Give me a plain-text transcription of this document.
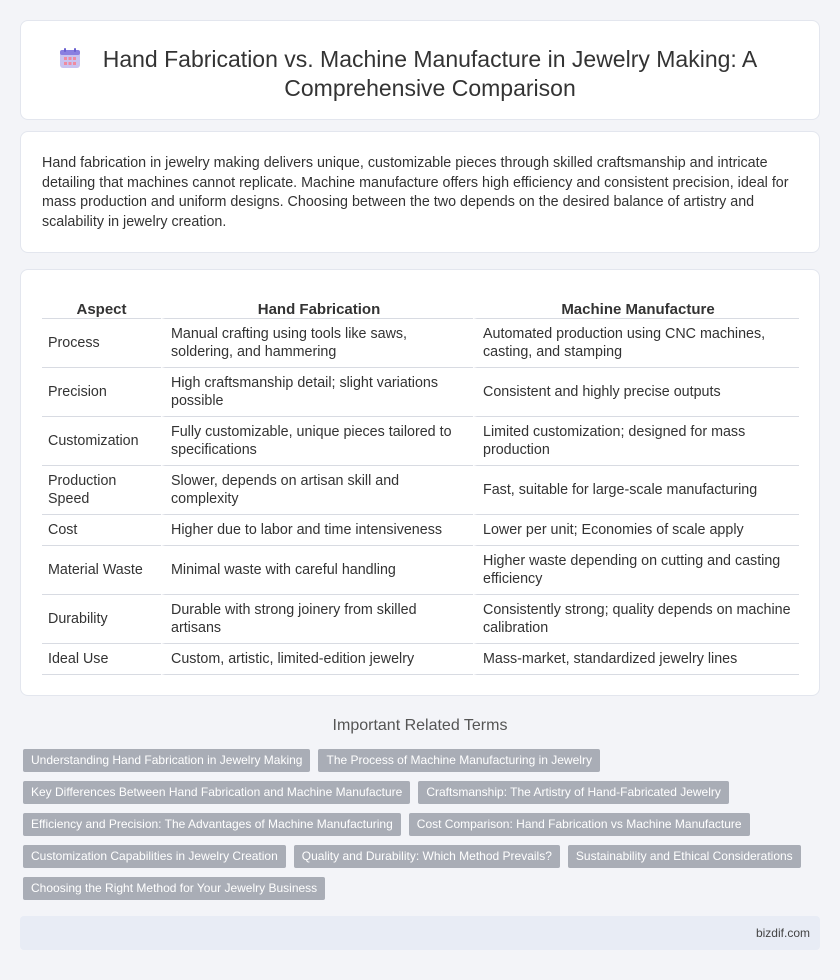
Hand Fabrication vs. Machine Manufacture in Jewelry Making: A Comprehensive Comparison

Hand fabrication in jewelry making delivers unique, customizable pieces through skilled craftsmanship and intricate detailing that machines cannot replicate. Machine manufacture offers high efficiency and consistent precision, ideal for mass production and uniform designs. Choosing between the two depends on the desired balance of artistry and scalability in jewelry creation.

Aspect	Hand Fabrication	Machine Manufacture
Process	Manual crafting using tools like saws, soldering, and hammering	Automated production using CNC machines, casting, and stamping
Precision	High craftsmanship detail; slight variations possible	Consistent and highly precise outputs
Customization	Fully customizable, unique pieces tailored to specifications	Limited customization; designed for mass production
Production Speed	Slower, depends on artisan skill and complexity	Fast, suitable for large-scale manufacturing
Cost	Higher due to labor and time intensiveness	Lower per unit; Economies of scale apply
Material Waste	Minimal waste with careful handling	Higher waste depending on cutting and casting efficiency
Durability	Durable with strong joinery from skilled artisans	Consistently strong; quality depends on machine calibration
Ideal Use	Custom, artistic, limited-edition jewelry	Mass-market, standardized jewelry lines
Important Related Terms
Understanding Hand Fabrication in Jewelry Making	The Process of Machine Manufacturing in Jewelry
Key Differences Between Hand Fabrication and Machine Manufacture	Craftsmanship: The Artistry of Hand-Fabricated Jewelry
Efficiency and Precision: The Advantages of Machine Manufacturing	Cost Comparison: Hand Fabrication vs Machine Manufacture
Customization Capabilities in Jewelry Creation	Quality and Durability: Which Method Prevails?	Sustainability and Ethical Considerations
Choosing the Right Method for Your Jewelry Business
bizdif.com
